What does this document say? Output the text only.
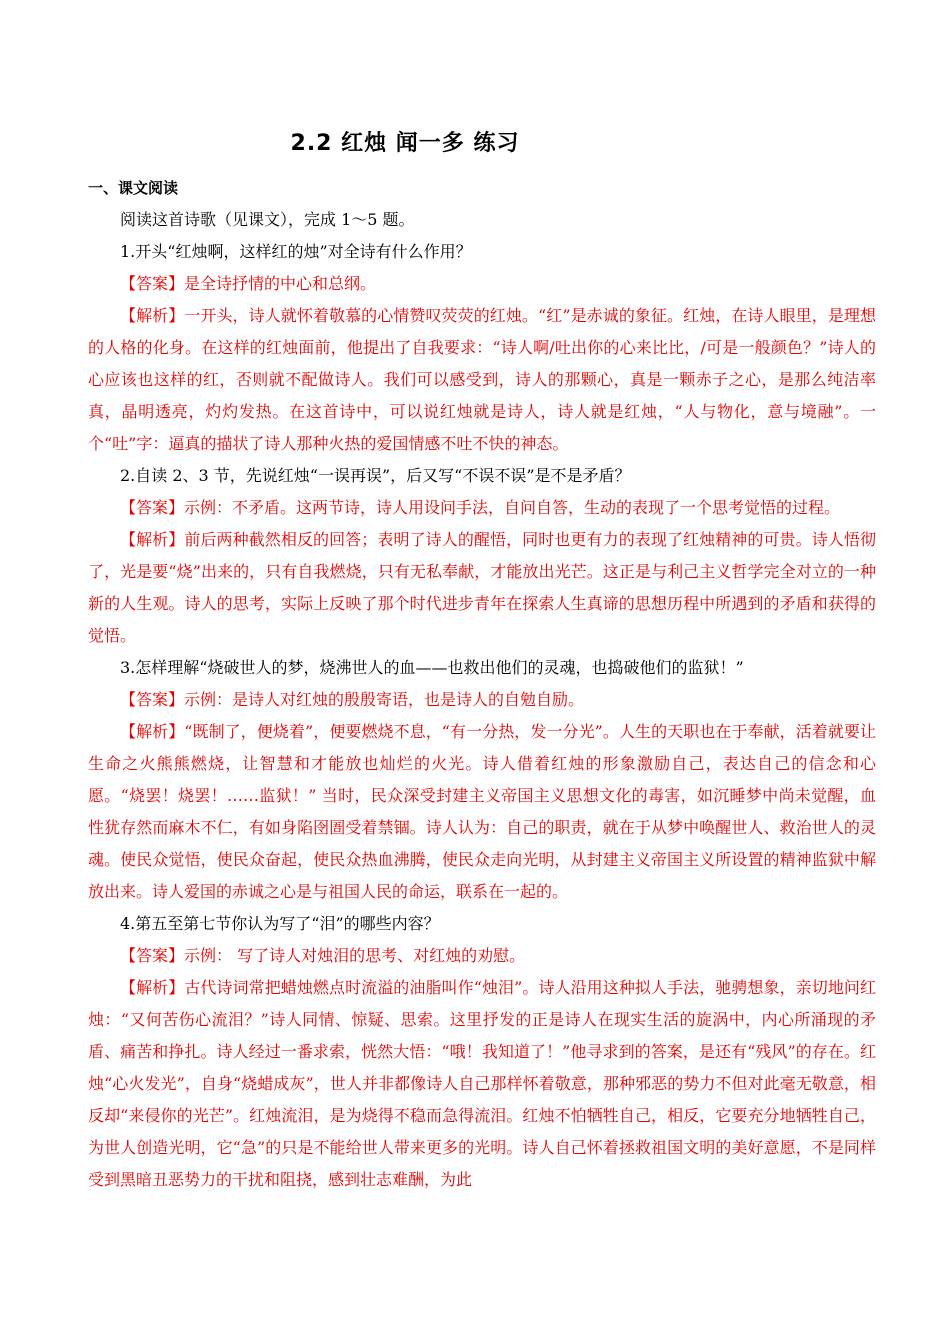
2.2 红烛 闻一多 练习
一、课文阅读

阅读这首诗歌（见课文），完成 1～5 题。

1.开头“红烛啊，这样红的烛”对全诗有什么作用？

【答案】是全诗抒情的中心和总纲。

【解析】一开头，诗人就怀着敬慕的心情赞叹荧荧的红烛。“红”是赤诚的象征。红烛，在诗人眼里，是理想的人格的化身。在这样的红烛面前，他提出了自我要求：“诗人啊/吐出你的心来比比，/可是一般颜色？”诗人的心应该也这样的红，否则就不配做诗人。我们可以感受到，诗人的那颗心，真是一颗赤子之心，是那么纯洁率真，晶明透亮，灼灼发热。在这首诗中，可以说红烛就是诗人，诗人就是红烛，“人与物化，意与境融”。一个“吐”字：逼真的描状了诗人那种火热的爱国情感不吐不快的神态。

2.自读 2、3 节，先说红烛“一误再误”，后又写“不误不误”是不是矛盾？

【答案】示例：不矛盾。这两节诗，诗人用设问手法，自问自答，生动的表现了一个思考觉悟的过程。

【解析】前后两种截然相反的回答；表明了诗人的醒悟，同时也更有力的表现了红烛精神的可贵。诗人悟彻了，光是要“烧”出来的，只有自我燃烧，只有无私奉献，才能放出光芒。这正是与利己主义哲学完全对立的一种新的人生观。诗人的思考，实际上反映了那个时代进步青年在探索人生真谛的思想历程中所遇到的矛盾和获得的觉悟。

3.怎样理解“烧破世人的梦，烧沸世人的血——也救出他们的灵魂，也捣破他们的监狱！”

【答案】示例：是诗人对红烛的殷殷寄语，也是诗人的自勉自励。

【解析】“既制了，便烧着”，便要燃烧不息，“有一分热，发一分光”。人生的天职也在于奉献，活着就要让生命之火熊熊燃烧，让智慧和才能放也灿烂的火光。诗人借着红烛的形象激励自己，表达自己的信念和心愿。“烧罢！烧罢！……监狱！” 当时，民众深受封建主义帝国主义思想文化的毒害，如沉睡梦中尚未觉醒，血性犹存然而麻木不仁，有如身陷囹圄受着禁锢。诗人认为：自己的职责，就在于从梦中唤醒世人、救治世人的灵魂。使民众觉悟，使民众奋起，使民众热血沸腾，使民众走向光明，从封建主义帝国主义所设置的精神监狱中解放出来。诗人爱国的赤诚之心是与祖国人民的命运，联系在一起的。

4.第五至第七节你认为写了“泪”的哪些内容？

【答案】示例： 写了诗人对烛泪的思考、对红烛的劝慰。

【解析】古代诗词常把蜡烛燃点时流溢的油脂叫作“烛泪”。诗人沿用这种拟人手法，驰骋想象，亲切地问红烛：“又何苦伤心流泪？”诗人同情、惊疑、思索。这里抒发的正是诗人在现实生活的旋涡中，内心所涌现的矛盾、痛苦和挣扎。诗人经过一番求索，恍然大悟：“哦！我知道了！”他寻求到的答案，是还有“残风”的存在。红烛“心火发光”，自身“烧蜡成灰”，世人并非都像诗人自己那样怀着敬意，那种邪恶的势力不但对此毫无敬意，相反却“来侵你的光芒”。红烛流泪，是为烧得不稳而急得流泪。红烛不怕牺牲自己，相反，它要充分地牺牲自己，为世人创造光明，它“急”的只是不能给世人带来更多的光明。诗人自己怀着拯救祖国文明的美好意愿，不是同样受到黑暗丑恶势力的干扰和阻挠，感到壮志难酬，为此
